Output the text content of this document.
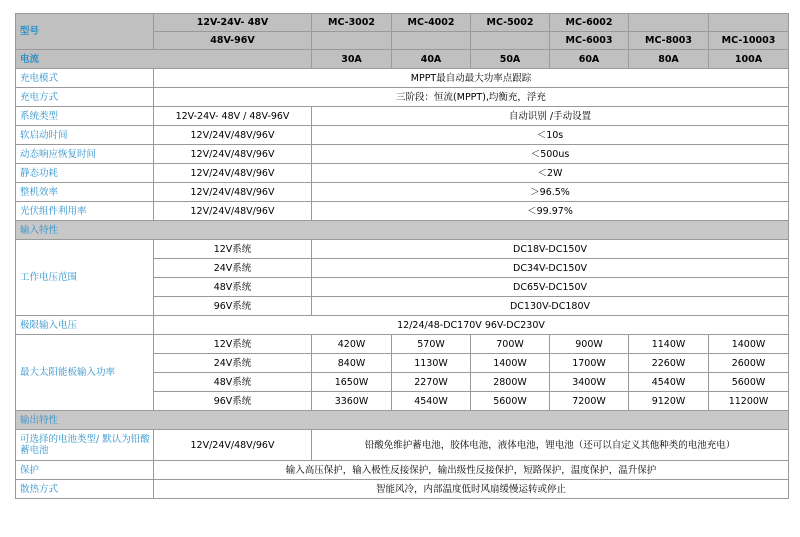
型号	12V-24V- 48V	MC-3002	MC-4002	MC-5002	MC-6002		
	48V-96V				MC-6003	MC-8003	MC-10003
电流		30A	40A	50A	60A	80A	100A
充电模式	MPPT最自动最大功率点跟踪						
充电方式	三阶段：恒流(MPPT),均衡充，浮充						
系统类型	12V-24V- 48V / 48V-96V	自动识别 /手动设置					
软启动时间	12V/24V/48V/96V	＜10s					
动态响应恢复时间	12V/24V/48V/96V	＜500us					
静态功耗	12V/24V/48V/96V	＜2W					
整机效率	12V/24V/48V/96V	＞96.5%					
光伏组件利用率	12V/24V/48V/96V	＜99.97%					
输入特性							
工作电压范围	12V系统	DC18V-DC150V					
	24V系统	DC34V-DC150V					
	48V系统	DC65V-DC150V					
	96V系统	DC130V-DC180V					
极限输入电压	12/24/48-DC170V 96V-DC230V						
最大太阳能板输入功率	12V系统	420W	570W	700W	900W	1140W	1400W
	24V系统	840W	1130W	1400W	1700W	2260W	2600W
	48V系统	1650W	2270W	2800W	3400W	4540W	5600W
	96V系统	3360W	4540W	5600W	7200W	9120W	11200W
输出特性							
可选择的电池类型/ 默认为铅酸蓄电池	12V/24V/48V/96V	铅酸免维护蓄电池，胶体电池，液体电池，锂电池（还可以自定义其他种类的电池充电）					
保护	输入高压保护，输入极性反接保护，输出级性反接保护，短路保护，温度保护，温升保护						
散热方式	智能风冷，内部温度低时风扇缓慢运转或停止						
